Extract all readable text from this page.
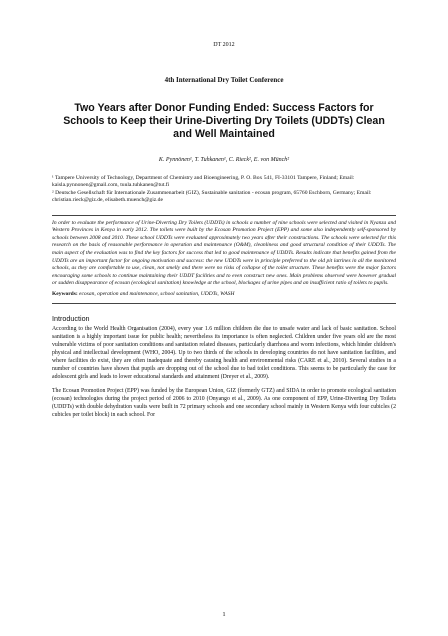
DT 2012
4th International Dry Toilet Conference
Two Years after Donor Funding Ended: Success Factors for Schools to Keep their Urine-Diverting Dry Toilets (UDDTs) Clean and Well Maintained
K. Pynnönen¹, T. Tuhkanen¹, C. Rieck², E. von Münch²
¹ Tampere University of Technology, Department of Chemistry and Bioengineering, P. O. Box 541, FI-33101 Tampere, Finland; Email: kaisla.pynnonen@gmail.com, tuula.tuhkanen@tut.fi
² Deutsche Gesellschaft für Internationale Zusammenarbeit (GIZ), Sustainable sanitation - ecosan program, 65760 Eschborn, Germany; Email: christian.rieck@giz.de, elisabeth.muench@giz.de
In order to evaluate the performance of Urine-Diverting Dry Toilets (UDDTs) in schools a number of nine schools were selected and visited in Nyanza and Western Provinces in Kenya in early 2012. The toilets were built by the Ecosan Promotion Project (EPP) and some also independently self-sponsored by schools between 2008 and 2010. These school UDDTs were evaluated approximately two years after their constructions. The schools were selected for this research on the basis of reasonable performance in operation and maintenance (O&M), cleanliness and good structural condition of their UDDTs. The main aspect of the evaluation was to find the key factors for success that led to good maintenance of UDDTs. Results indicate that benefits gained from the UDDTs are an important factor for ongoing motivation and success: the new UDDTs were in principle preferred to the old pit latrines in all the monitored schools, as they are comfortable to use, clean, not smelly and there were no risks of collapse of the toilet structure. These benefits were the major factors encouraging some schools to continue maintaining their UDDT facilities and to even construct new ones. Main problems observed were however gradual or sudden disappearance of ecosan (ecological sanitation) knowledge at the school, blockages of urine pipes and an insufficient ratio of toilets to pupils.
Keywords: ecosan, operation and maintenance, school sanitation, UDDTs, WASH
Introduction
According to the World Health Organisation (2004), every year 1.6 million children die due to unsafe water and lack of basic sanitation. School sanitation is a highly important issue for public health; nevertheless its importance is often neglected. Children under five years old are the most vulnerable victims of poor sanitation conditions and sanitation related diseases, particularly diarrhoea and worm infections, which hinder children's physical and intellectual development (WHO, 2004). Up to two thirds of the schools in developing countries do not have sanitation facilities, and where facilities do exist, they are often inadequate and thereby causing health and environmental risks (CARE et al., 2010). Several studies in a number of countries have shown that pupils are dropping out of the school due to bad toilet conditions. This seems to be particularly the case for adolescent girls and leads to lower educational standards and attainment (Dreyer et al., 2009).
The Ecosan Promotion Project (EPP) was funded by the European Union, GIZ (formerly GTZ) and SIDA in order to promote ecological sanitation (ecosan) technologies during the project period of 2006 to 2010 (Onyango et al., 2009). As one component of EPP, Urine-Diverting Dry Toilets (UDDTs) with double dehydration vaults were built in 72 primary schools and one secondary school mainly in Western Kenya with four cubicles (2 cubicles per toilet block) in each school. For
1
